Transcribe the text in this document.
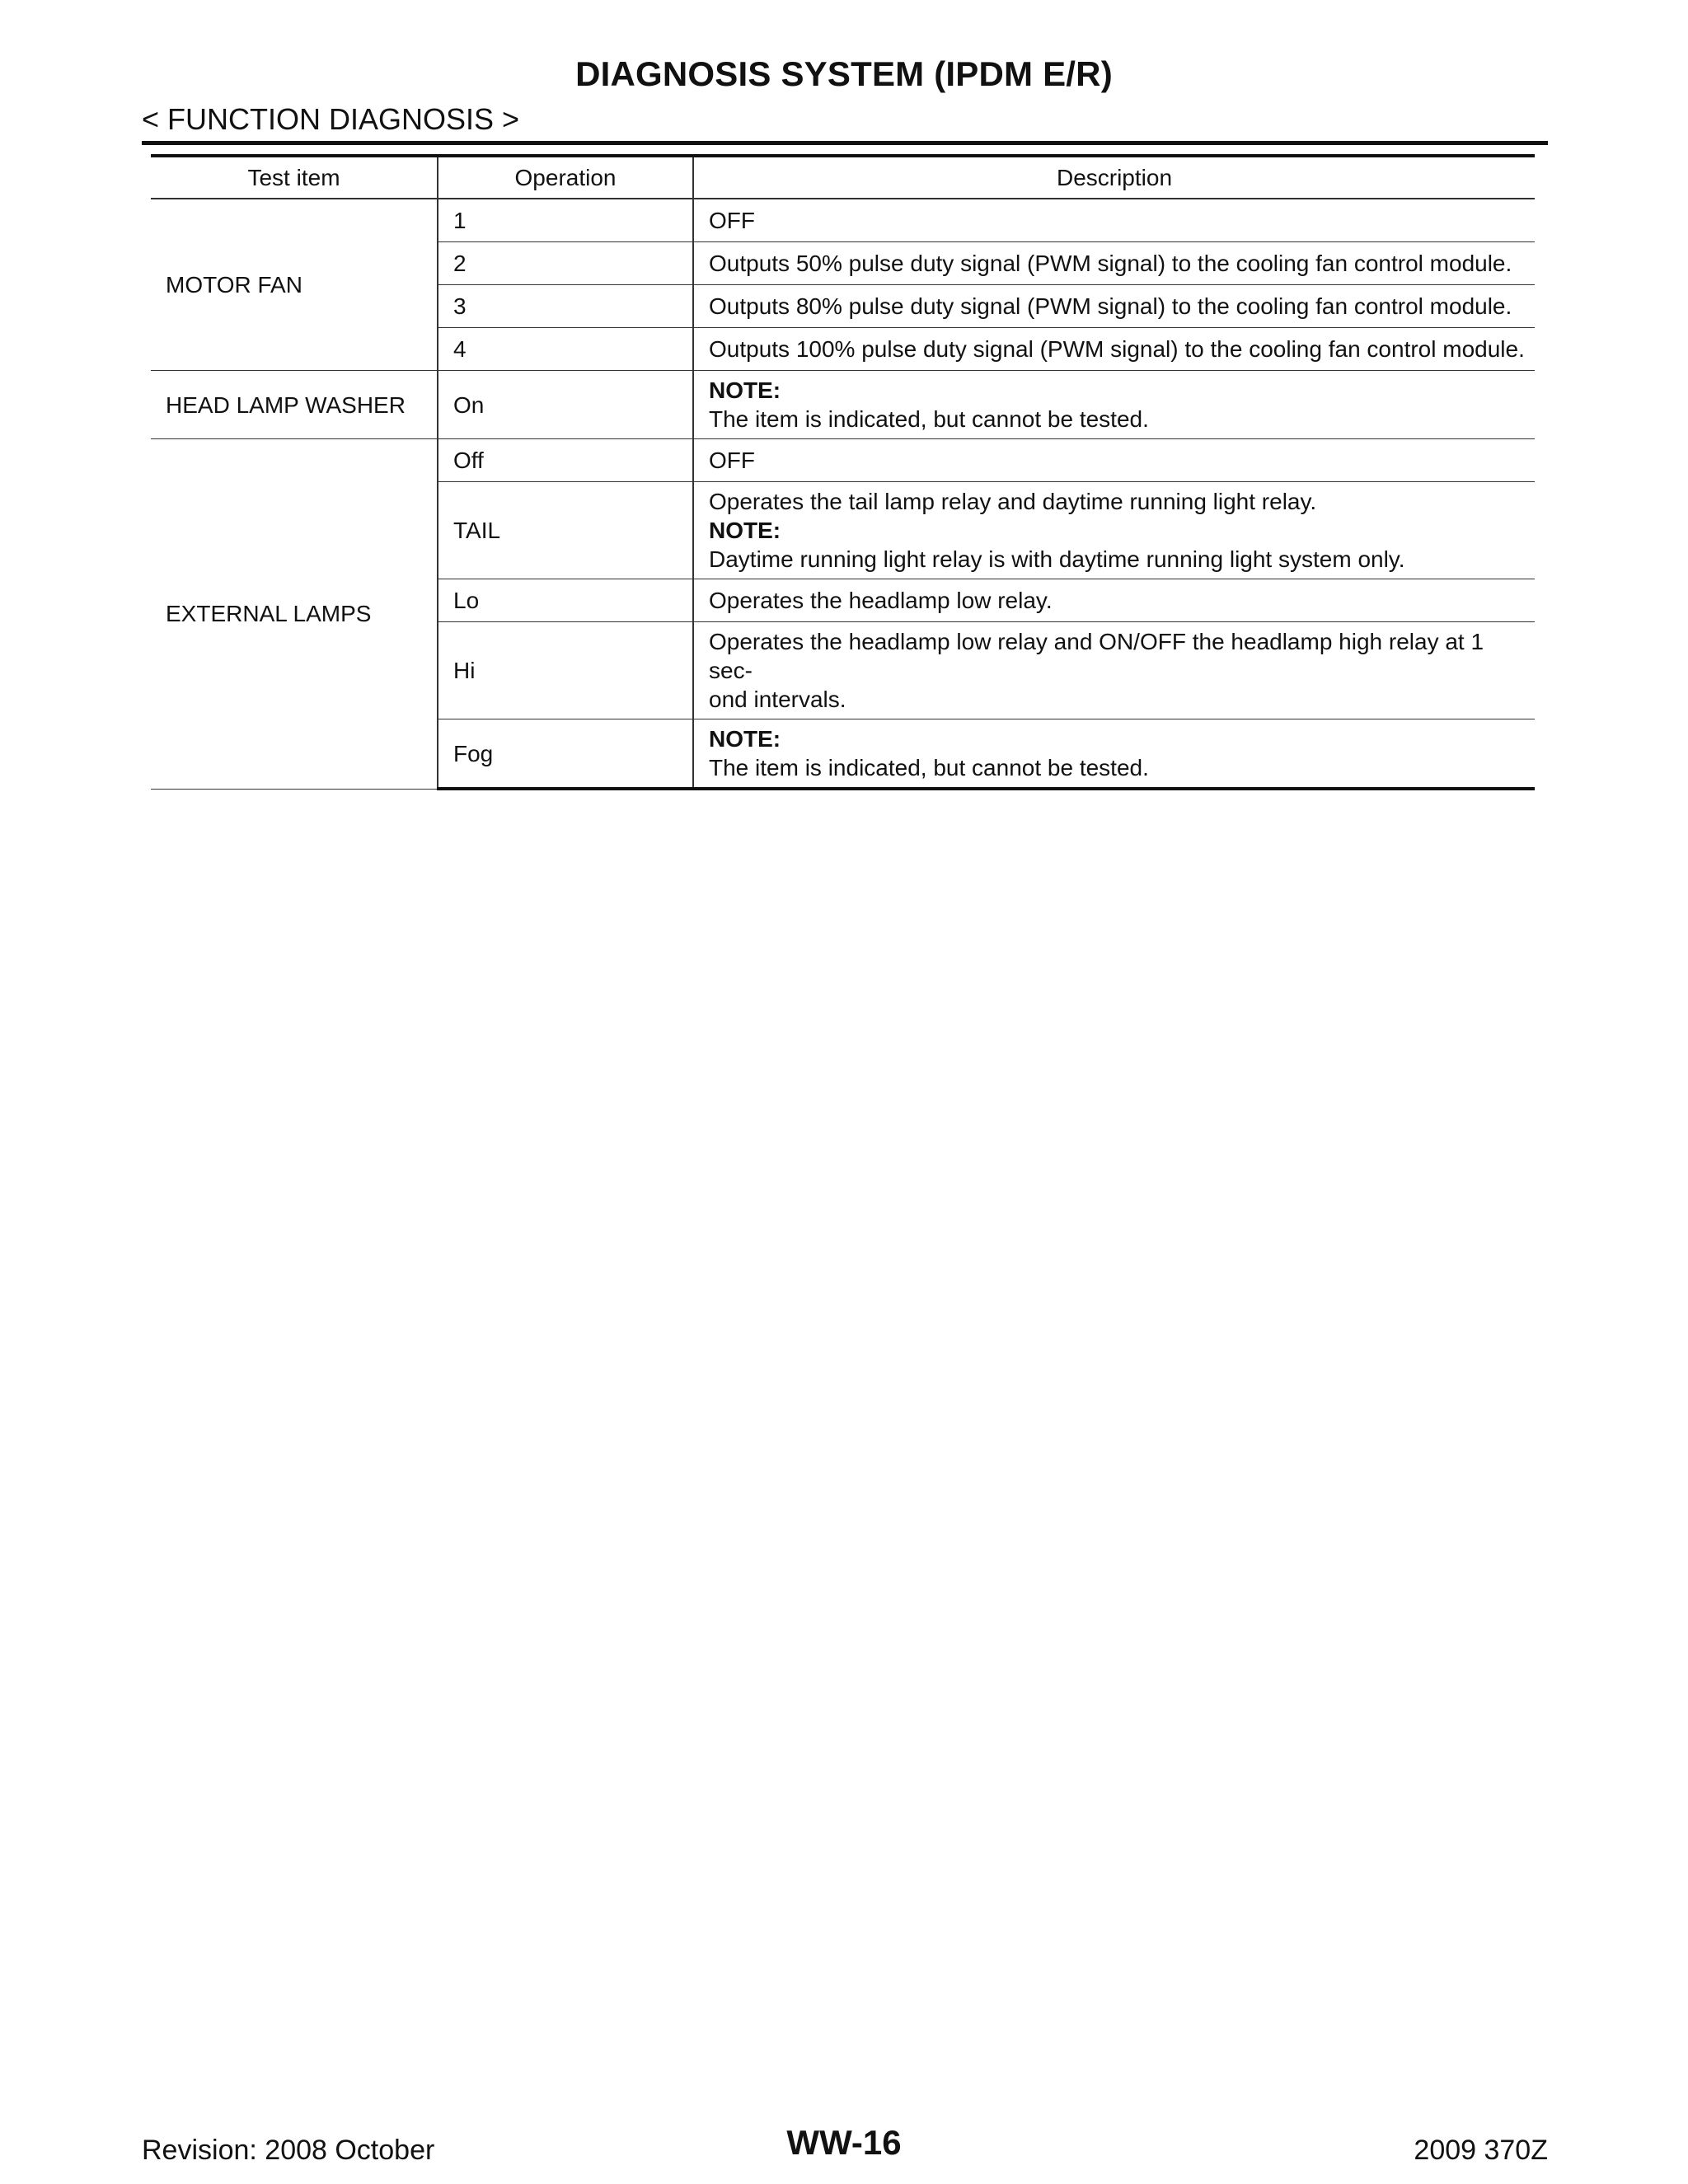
DIAGNOSIS SYSTEM (IPDM E/R)
< FUNCTION DIAGNOSIS >
Test item	Operation	Description
MOTOR FAN	1	OFF
	2	Outputs 50% pulse duty signal (PWM signal) to the cooling fan control module.
	3	Outputs 80% pulse duty signal (PWM signal) to the cooling fan control module.
	4	Outputs 100% pulse duty signal (PWM signal) to the cooling fan control module.
HEAD LAMP WASHER	On	NOTE:
The item is indicated, but cannot be tested.

EXTERNAL LAMPS	Off	OFF
	TAIL	Operates the tail lamp relay and daytime running light relay.
NOTE:
Daytime running light relay is with daytime running light system only.

	Lo	Operates the headlamp low relay.
	Hi	Operates the headlamp low relay and ON/OFF the headlamp high relay at 1 sec-
ond intervals.

	Fog	NOTE:
The item is indicated, but cannot be tested.
Revision: 2008 October	WW-16	2009 370Z
